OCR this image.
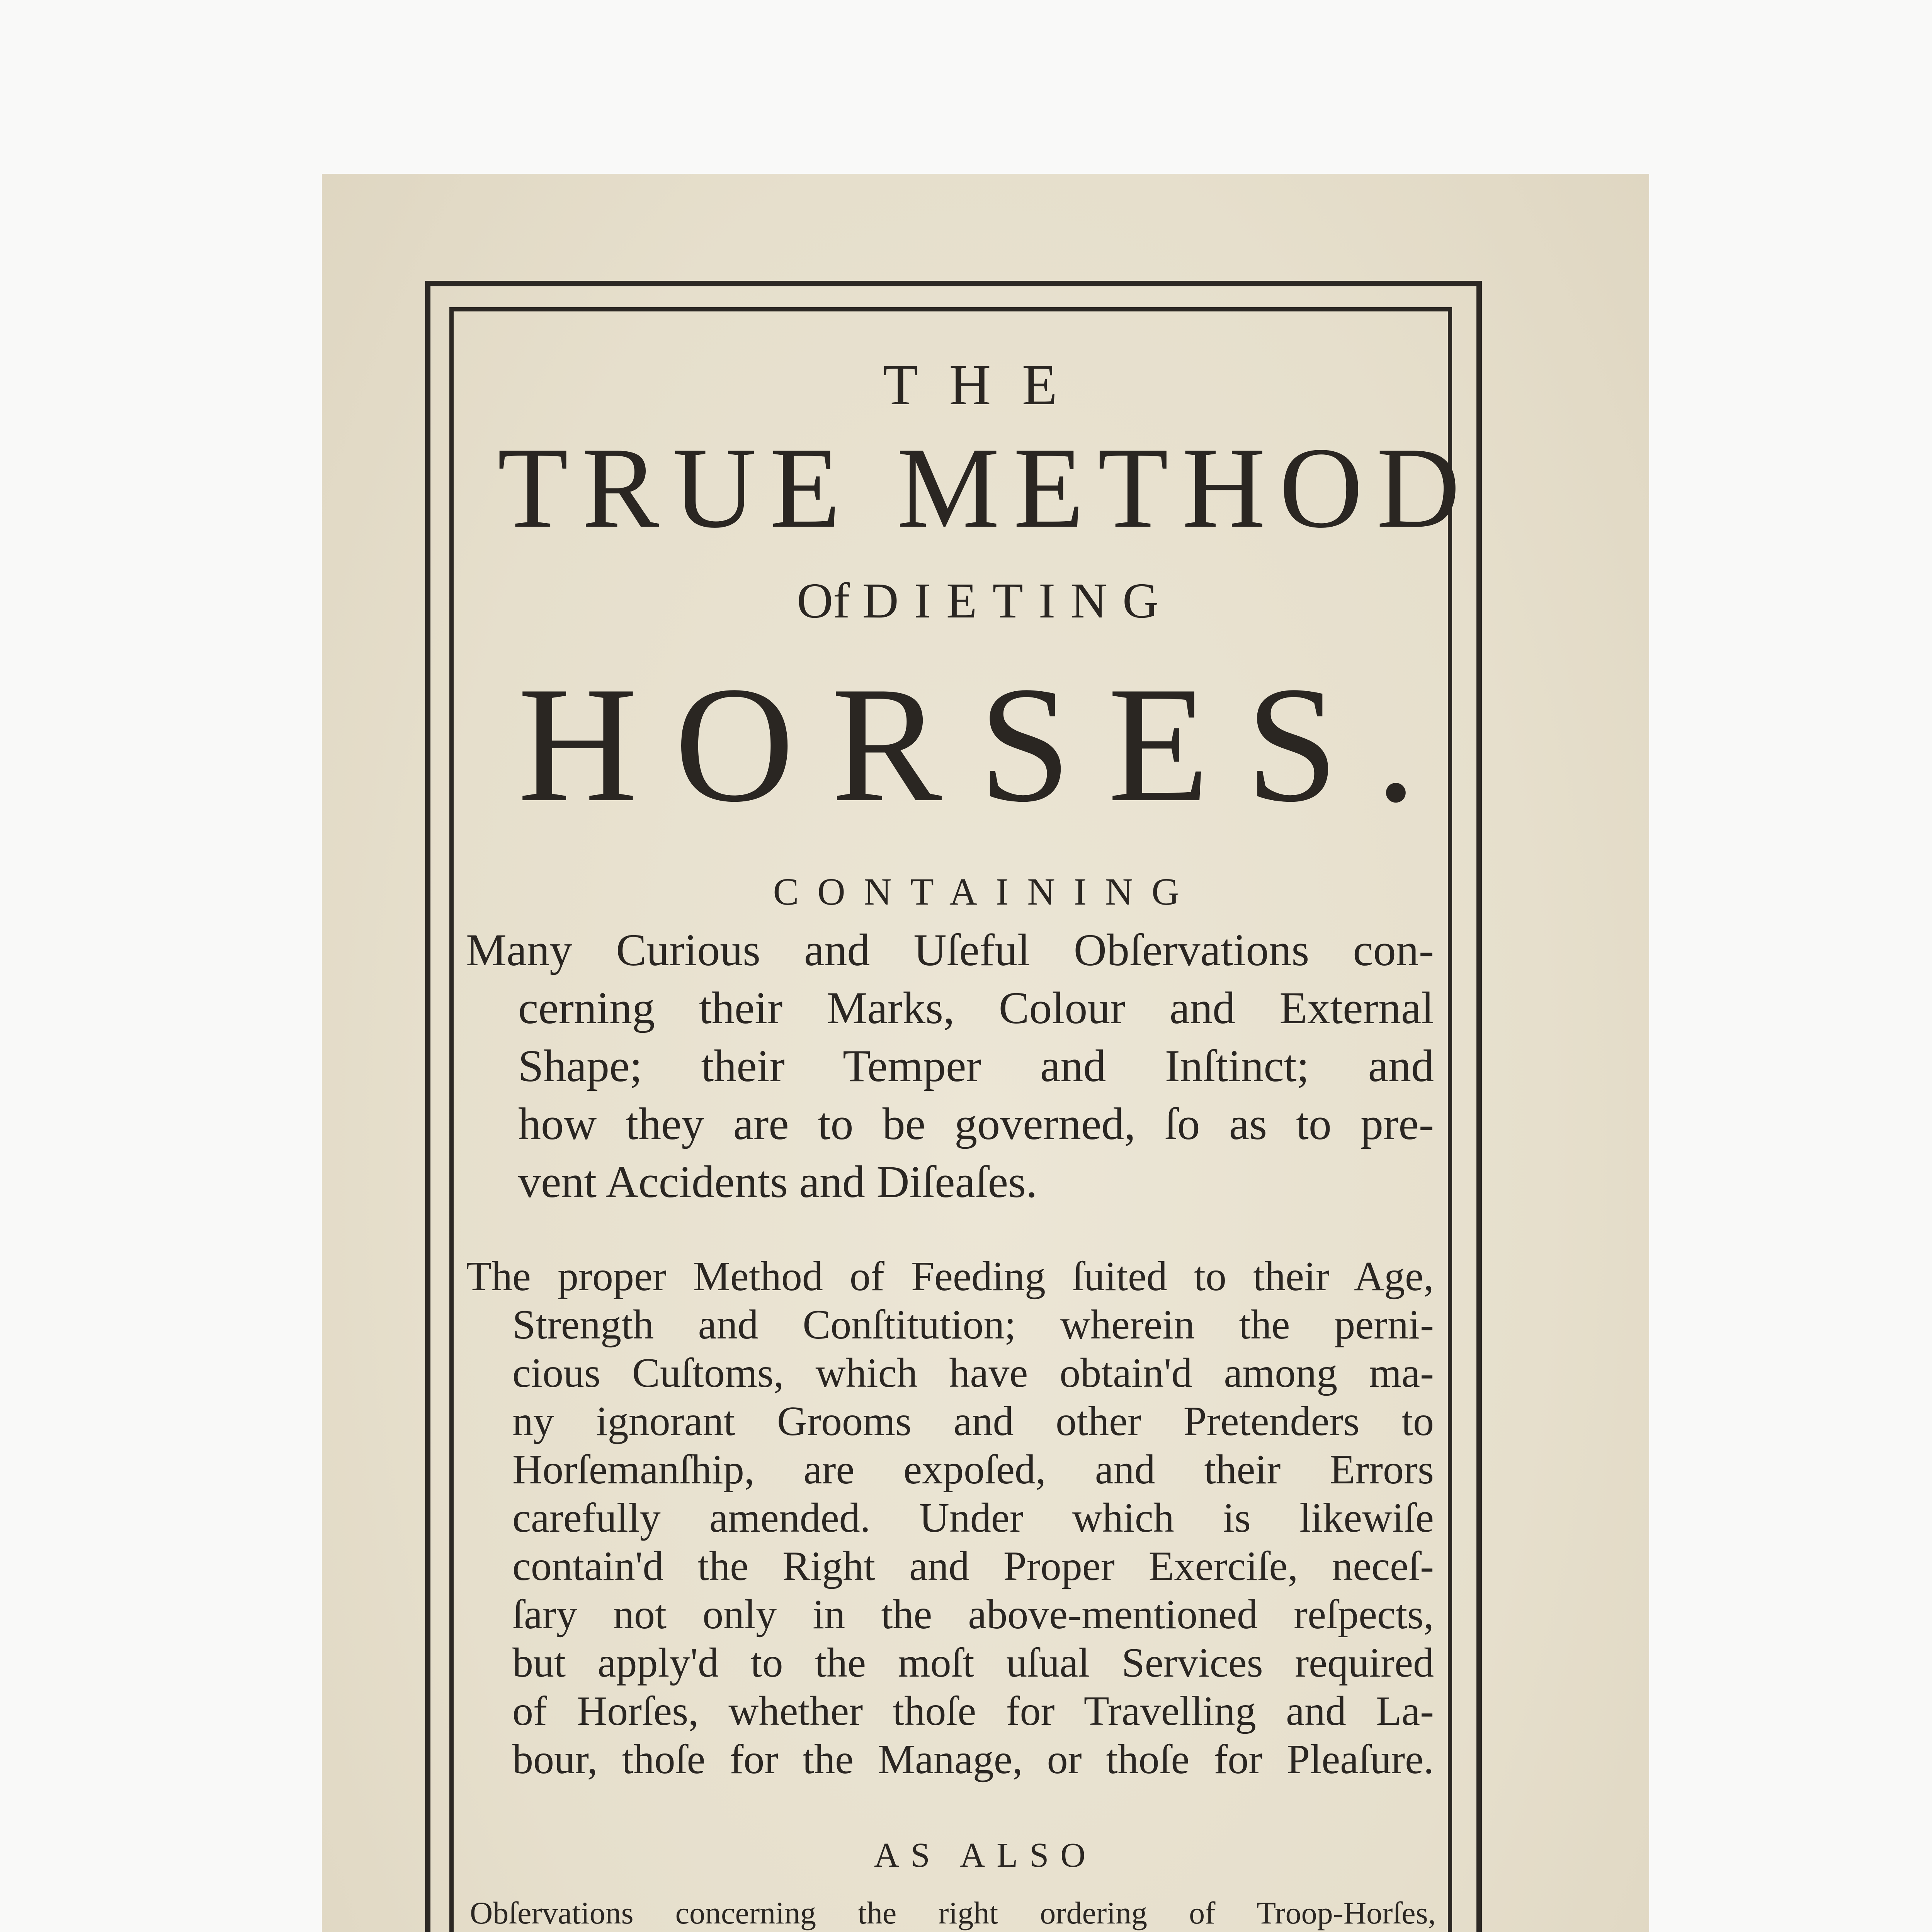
THE
TRUE METHOD
Of DIETING
HORSES.
CONTAINING
Many Curious and Uſeful Obſervations con-
cerning their Marks, Colour and External
Shape; their Temper and Inſtinct; and
how they are to be governed, ſo as to pre-
vent Accidents and Diſeaſes.
The proper Method of Feeding ſuited to their Age,
Strength and Conſtitution; wherein the perni-
cious Cuſtoms, which have obtain'd among ma-
ny ignorant Grooms and other Pretenders to
Horſemanſhip, are expoſed, and their Errors
carefully amended. Under which is likewiſe
contain'd the Right and Proper Exerciſe, neceſ-
ſary not only in the above-mentioned reſpects,
but apply'd to the moſt uſual Services required
of Horſes, whether thoſe for Travelling and La-
bour, thoſe for the Manage, or thoſe for Pleaſure.
AS ALSO
Obſervations concerning the right ordering of Troop-Horſes,
